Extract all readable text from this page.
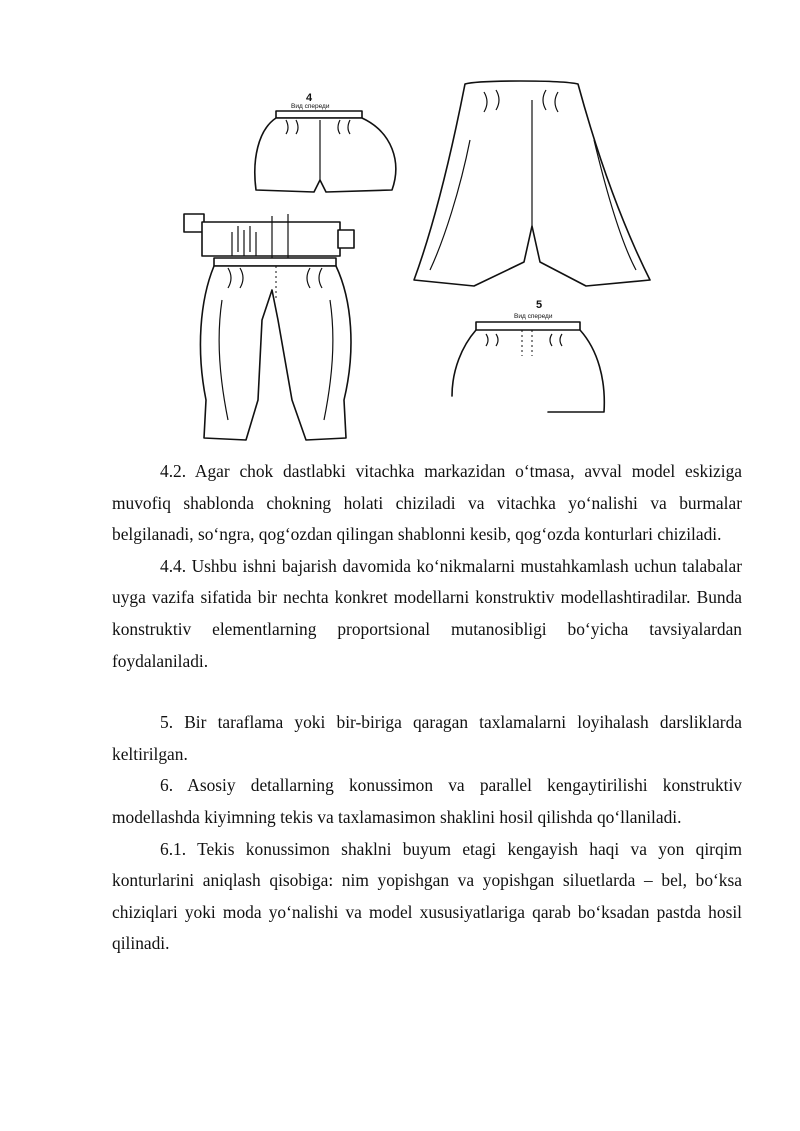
4
Вид спереди
5
Вид спереди

4.2. Agar chok dastlabki vitachka markazidan o‘tmasa, avval model eskiziga muvofiq shablonda chokning holati chiziladi va vitachka yo‘nalishi va burmalar belgilanadi, so‘ngra, qog‘ozdan qilingan shablonni kesib, qog‘ozda konturlari chiziladi.

4.4. Ushbu ishni bajarish davomida ko‘nikmalarni mustahkamlash uchun talabalar uyga vazifa sifatida bir nechta konkret modellarni konstruktiv modellashtiradilar. Bunda konstruktiv elementlarning proportsional mutanosibligi bo‘yicha tavsiyalardan foydalaniladi.

5. Bir taraflama yoki bir-biriga qaragan taxlamalarni loyihalash darsliklarda keltirilgan.

6. Asosiy detallarning konussimon va parallel kengaytirilishi konstruktiv modellashda kiyimning tekis va taxlamasimon shaklini hosil qilishda qo‘llaniladi.

6.1. Tekis konussimon shaklni buyum etagi kengayish haqi va yon qirqim konturlarini aniqlash qisobiga: nim yopishgan va yopishgan siluetlarda – bel, bo‘ksa chiziqlari yoki moda yo‘nalishi va model xususiyatlariga qarab bo‘ksadan pastda hosil qilinadi.
